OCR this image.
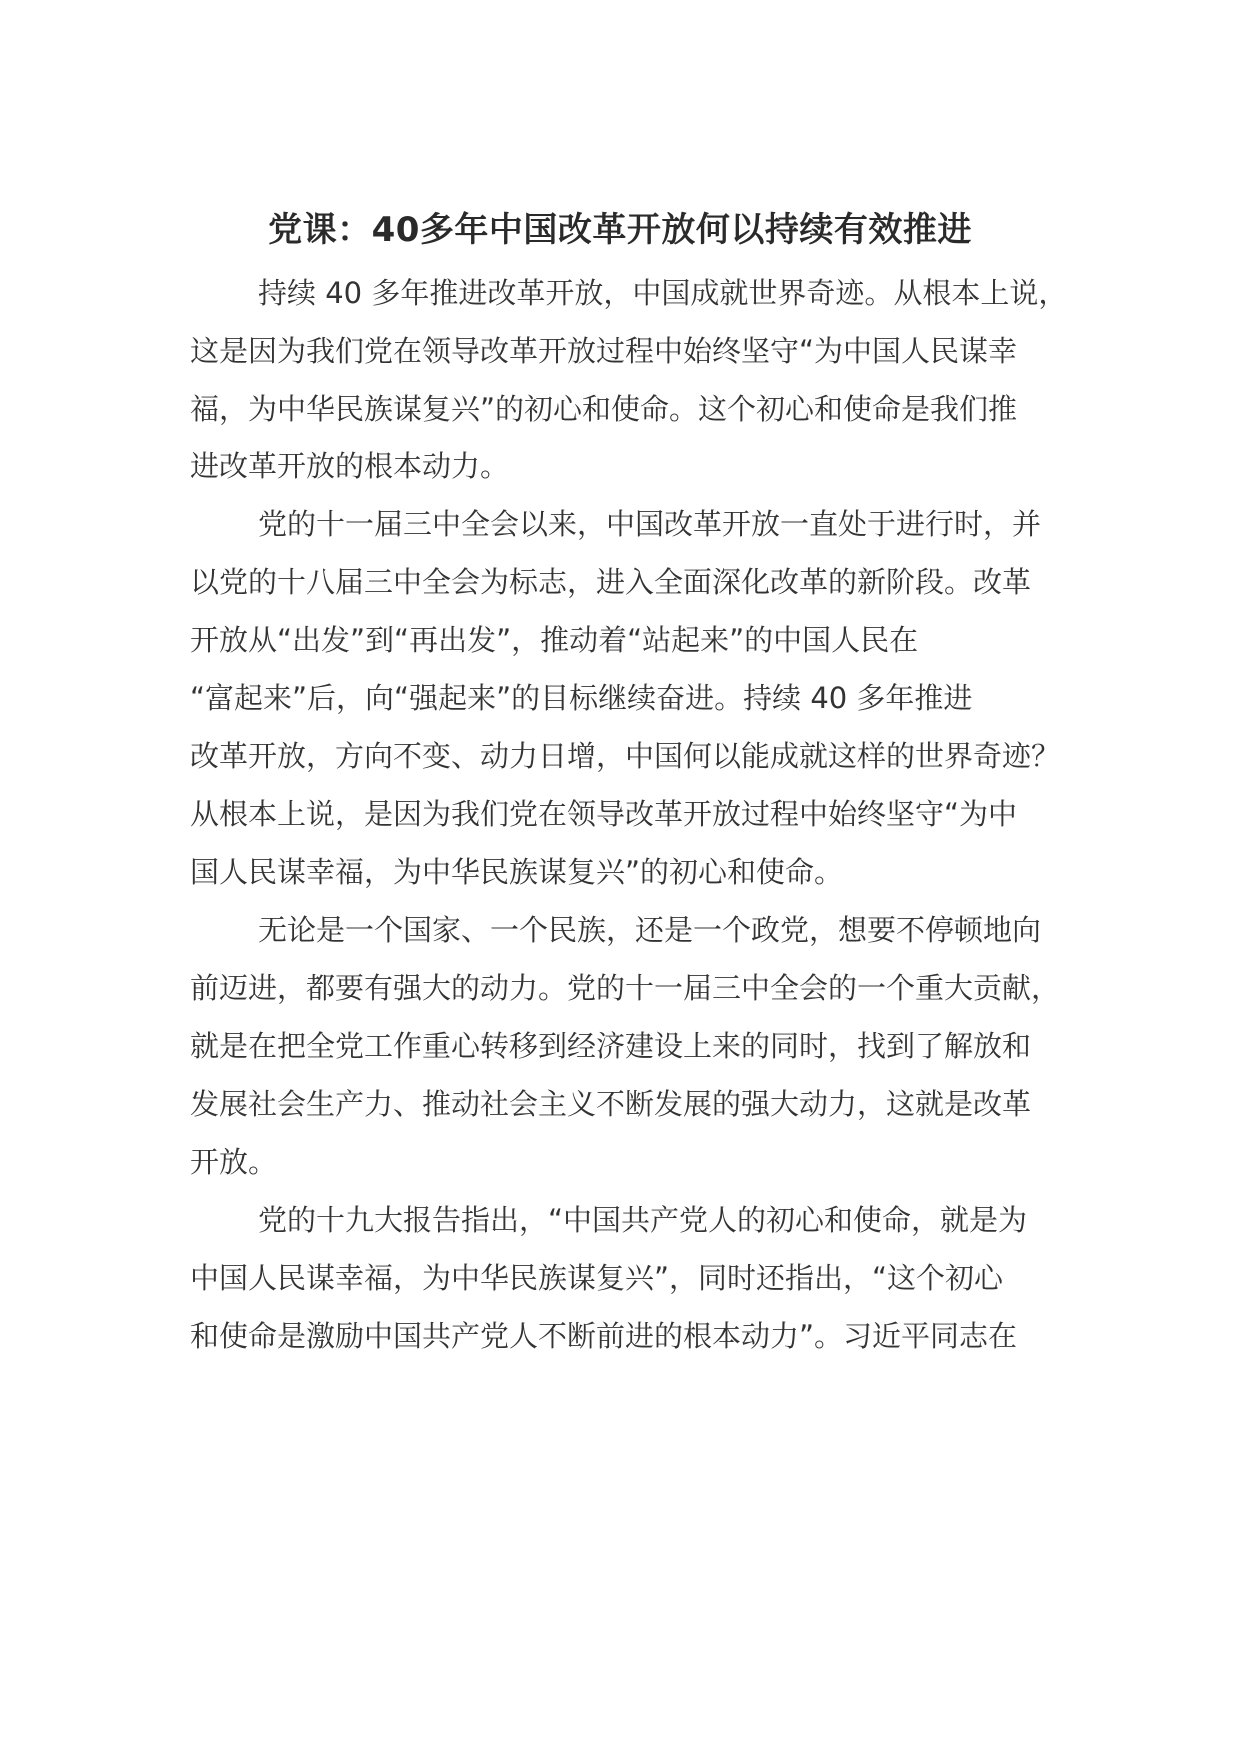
党课：40多年中国改革开放何以持续有效推进
持续 40 多年推进改革开放，中国成就世界奇迹。从根本上说，
这是因为我们党在领导改革开放过程中始终坚守“为中国人民谋幸
福，为中华民族谋复兴”的初心和使命。这个初心和使命是我们推
进改革开放的根本动力。
党的十一届三中全会以来，中国改革开放一直处于进行时，并
以党的十八届三中全会为标志，进入全面深化改革的新阶段。改革
开放从“出发”到“再出发”，推动着“站起来”的中国人民在
“富起来”后，向“强起来”的目标继续奋进。持续 40 多年推进
改革开放，方向不变、动力日增，中国何以能成就这样的世界奇迹？
从根本上说，是因为我们党在领导改革开放过程中始终坚守“为中
国人民谋幸福，为中华民族谋复兴”的初心和使命。
无论是一个国家、一个民族，还是一个政党，想要不停顿地向
前迈进，都要有强大的动力。党的十一届三中全会的一个重大贡献，
就是在把全党工作重心转移到经济建设上来的同时，找到了解放和
发展社会生产力、推动社会主义不断发展的强大动力，这就是改革
开放。
党的十九大报告指出，“中国共产党人的初心和使命，就是为
中国人民谋幸福，为中华民族谋复兴”，同时还指出，“这个初心
和使命是激励中国共产党人不断前进的根本动力”。习近平同志在
